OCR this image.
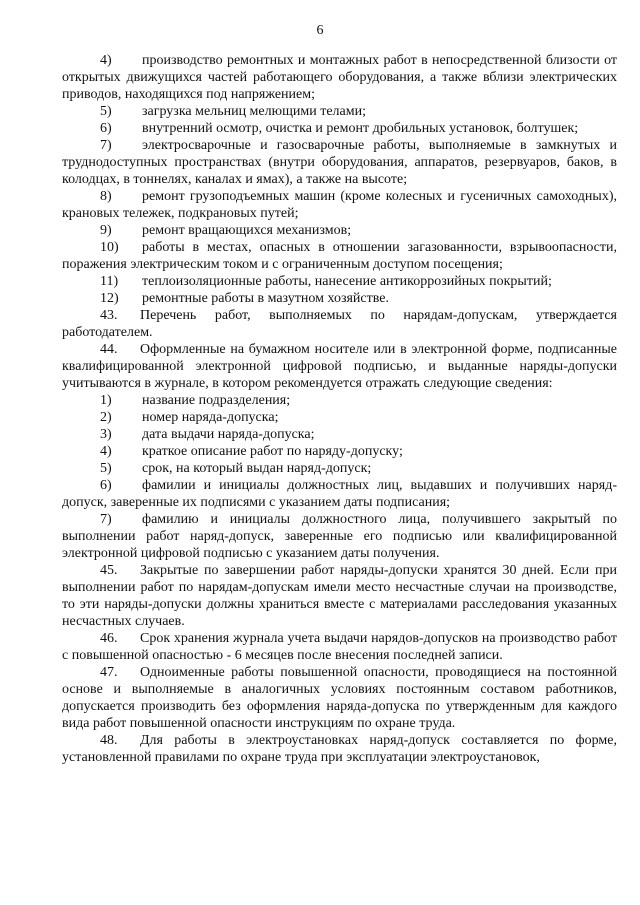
6

4) производство ремонтных и монтажных работ в непосредственной близости от открытых движущихся частей работающего оборудования, а также вблизи электрических приводов, находящихся под напряжением;

5) загрузка мельниц мелющими телами;

6) внутренний осмотр, очистка и ремонт дробильных установок, болтушек;

7) электросварочные и газосварочные работы, выполняемые в замкнутых и труднодоступных пространствах (внутри оборудования, аппаратов, резервуаров, баков, в колодцах, в тоннелях, каналах и ямах), а также на высоте;

8) ремонт грузоподъемных машин (кроме колесных и гусеничных самоходных), крановых тележек, подкрановых путей;

9) ремонт вращающихся механизмов;

10) работы в местах, опасных в отношении загазованности, взрывоопасности, поражения электрическим током и с ограниченным доступом посещения;

11) теплоизоляционные работы, нанесение антикоррозийных покрытий;

12) ремонтные работы в мазутном хозяйстве.

43. Перечень работ, выполняемых по нарядам-допускам, утверждается работодателем.

44. Оформленные на бумажном носителе или в электронной форме, подписанные квалифицированной электронной цифровой подписью, и выданные наряды-допуски учитываются в журнале, в котором рекомендуется отражать следующие сведения:

1) название подразделения;

2) номер наряда-допуска;

3) дата выдачи наряда-допуска;

4) краткое описание работ по наряду-допуску;

5) срок, на который выдан наряд-допуск;

6) фамилии и инициалы должностных лиц, выдавших и получивших наряд-допуск, заверенные их подписями с указанием даты подписания;

7) фамилию и инициалы должностного лица, получившего закрытый по выполнении работ наряд-допуск, заверенные его подписью или квалифицированной электронной цифровой подписью с указанием даты получения.

45. Закрытые по завершении работ наряды-допуски хранятся 30 дней. Если при выполнении работ по нарядам-допускам имели место несчастные случаи на производстве, то эти наряды-допуски должны храниться вместе с материалами расследования указанных несчастных случаев.

46. Срок хранения журнала учета выдачи нарядов-допусков на производство работ с повышенной опасностью - 6 месяцев после внесения последней записи.

47. Одноименные работы повышенной опасности, проводящиеся на постоянной основе и выполняемые в аналогичных условиях постоянным составом работников, допускается производить без оформления наряда-допуска по утвержденным для каждого вида работ повышенной опасности инструкциям по охране труда.

48. Для работы в электроустановках наряд-допуск составляется по форме, установленной правилами по охране труда при эксплуатации электроустановок,
